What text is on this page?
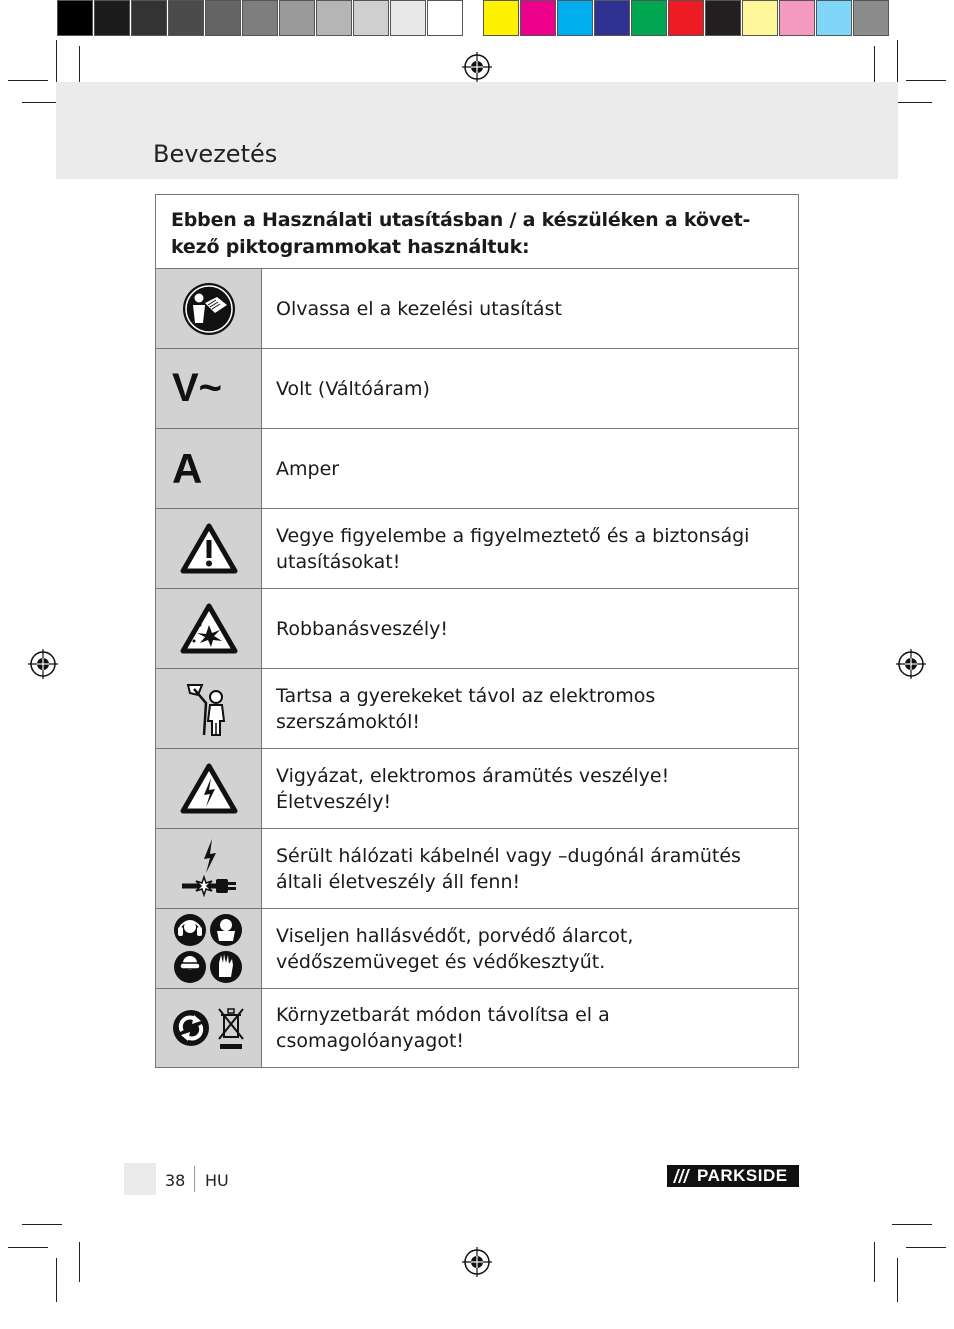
Bevezetés
Ebben a Használati utasításban / a készüléken a követ-kező piktogrammokat használtuk:
Olvassa el a kezelési utasítást
V~	Volt (Váltóáram)
A	Amper
Vegye figyelembe a figyelmeztető és a biztonsági utasításokat!
Robbanásveszély!
Tartsa a gyerekeket távol az elektromos szerszámoktól!
Vigyázat, elektromos áramütés veszélye! Életveszély!
Sérült hálózati kábelnél vagy –dugónál áramütés általi életveszély áll fenn!
Viseljen hallásvédőt, porvédő álarcot, védőszemüveget és védőkesztyűt.
Környzetbarát módon távolítsa el a csomagolóanyagot!
38 HU	PARKSIDE
